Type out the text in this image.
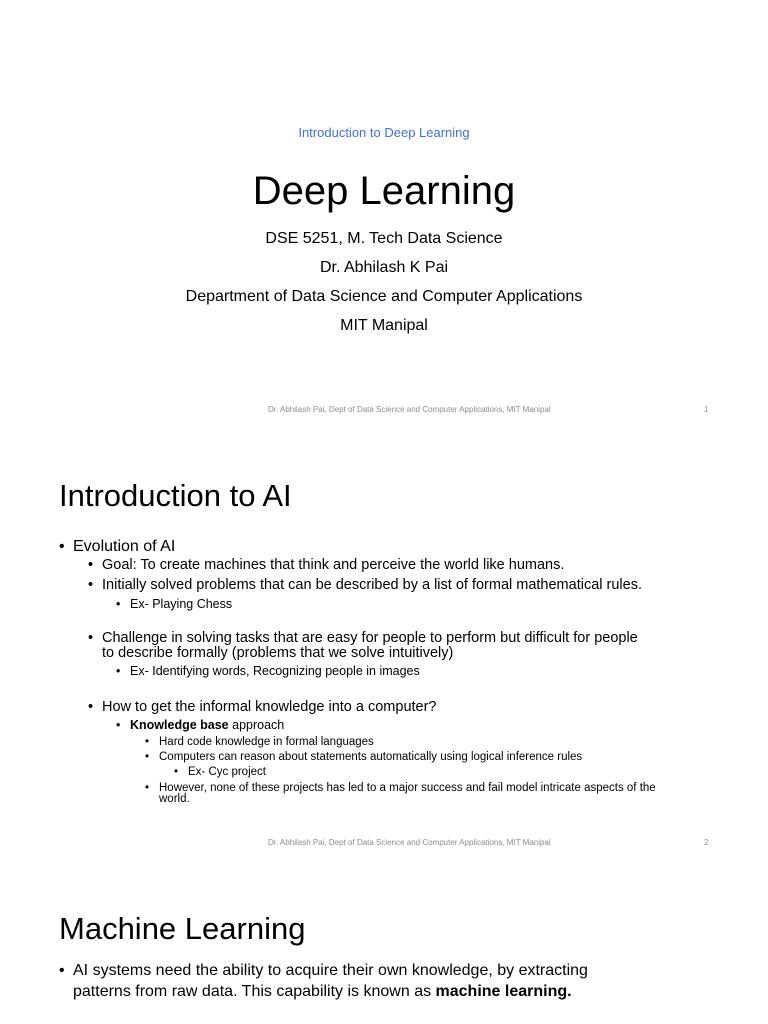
Introduction to Deep Learning
Deep Learning
DSE 5251, M. Tech Data Science
Dr. Abhilash K Pai
Department of Data Science and Computer Applications
MIT Manipal
Dr. Abhilash Pai, Dept of Data Science and Computer Applications, MIT Manipal	1
Introduction to AI
• Evolution of AI
• Goal: To create machines that think and perceive the world like humans.
• Initially solved problems that can be described by a list of formal mathematical rules.
• Ex- Playing Chess
• Challenge in solving tasks that are easy for people to perform but difficult for people
to describe formally (problems that we solve intuitively)
• Ex- Identifying words, Recognizing people in images
• How to get the informal knowledge into a computer?
• Knowledge base approach
• Hard code knowledge in formal languages
• Computers can reason about statements automatically using logical inference rules
• Ex- Cyc project
• However, none of these projects has led to a major success and fail model intricate aspects of the
world.
Dr. Abhilash Pai, Dept of Data Science and Computer Applications, MIT Manipal	2
Machine Learning
• AI systems need the ability to acquire their own knowledge, by extracting
patterns from raw data. This capability is known as machine learning.
